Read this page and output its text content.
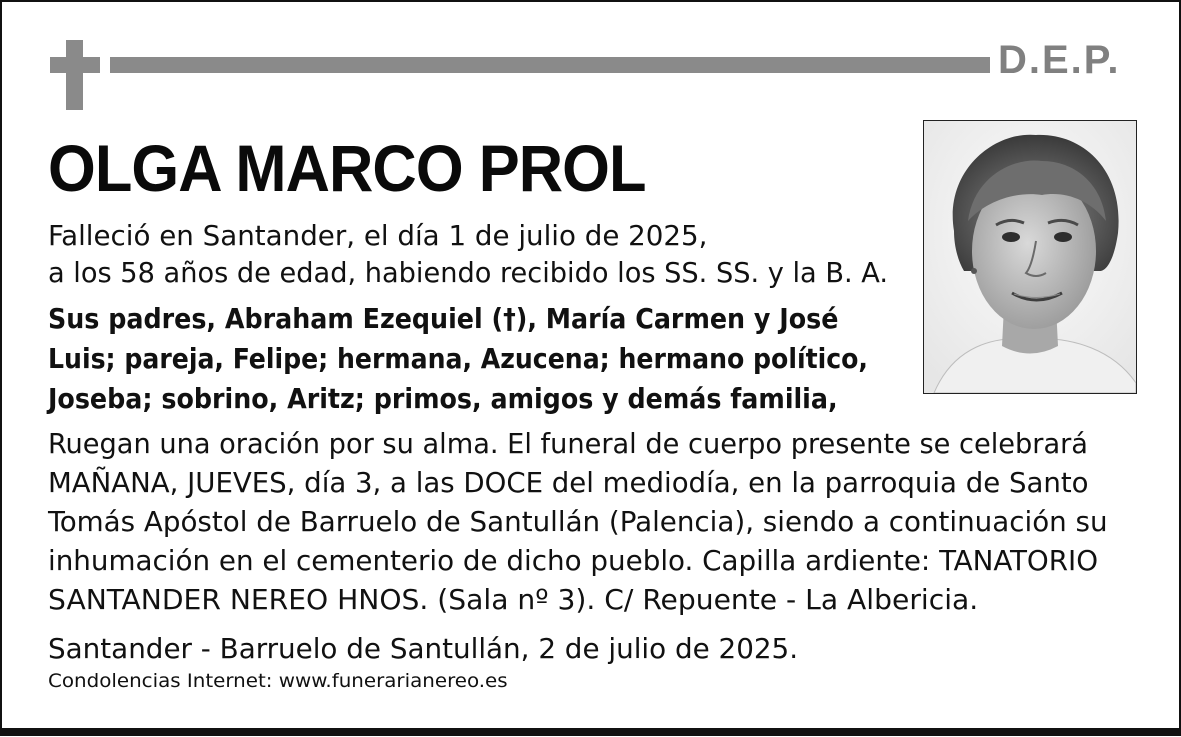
D.E.P.
OLGA MARCO PROL
Falleció en Santander, el día 1 de julio de 2025,
a los 58 años de edad, habiendo recibido los SS. SS. y la B. A.
Sus padres, Abraham Ezequiel (†), María Carmen y José
Luis; pareja, Felipe; hermana, Azucena; hermano político,
Joseba; sobrino, Aritz; primos, amigos y demás familia,
Ruegan una oración por su alma. El funeral de cuerpo presente se celebrará
MAÑANA, JUEVES, día 3, a las DOCE del mediodía, en la parroquia de Santo
Tomás Apóstol de Barruelo de Santullán (Palencia), siendo a continuación su
inhumación en el cementerio de dicho pueblo. Capilla ardiente: TANATORIO
SANTANDER NEREO HNOS. (Sala nº 3). C/ Repuente - La Albericia.
Santander - Barruelo de Santullán, 2 de julio de 2025.
Condolencias Internet: www.funerarianereo.es
